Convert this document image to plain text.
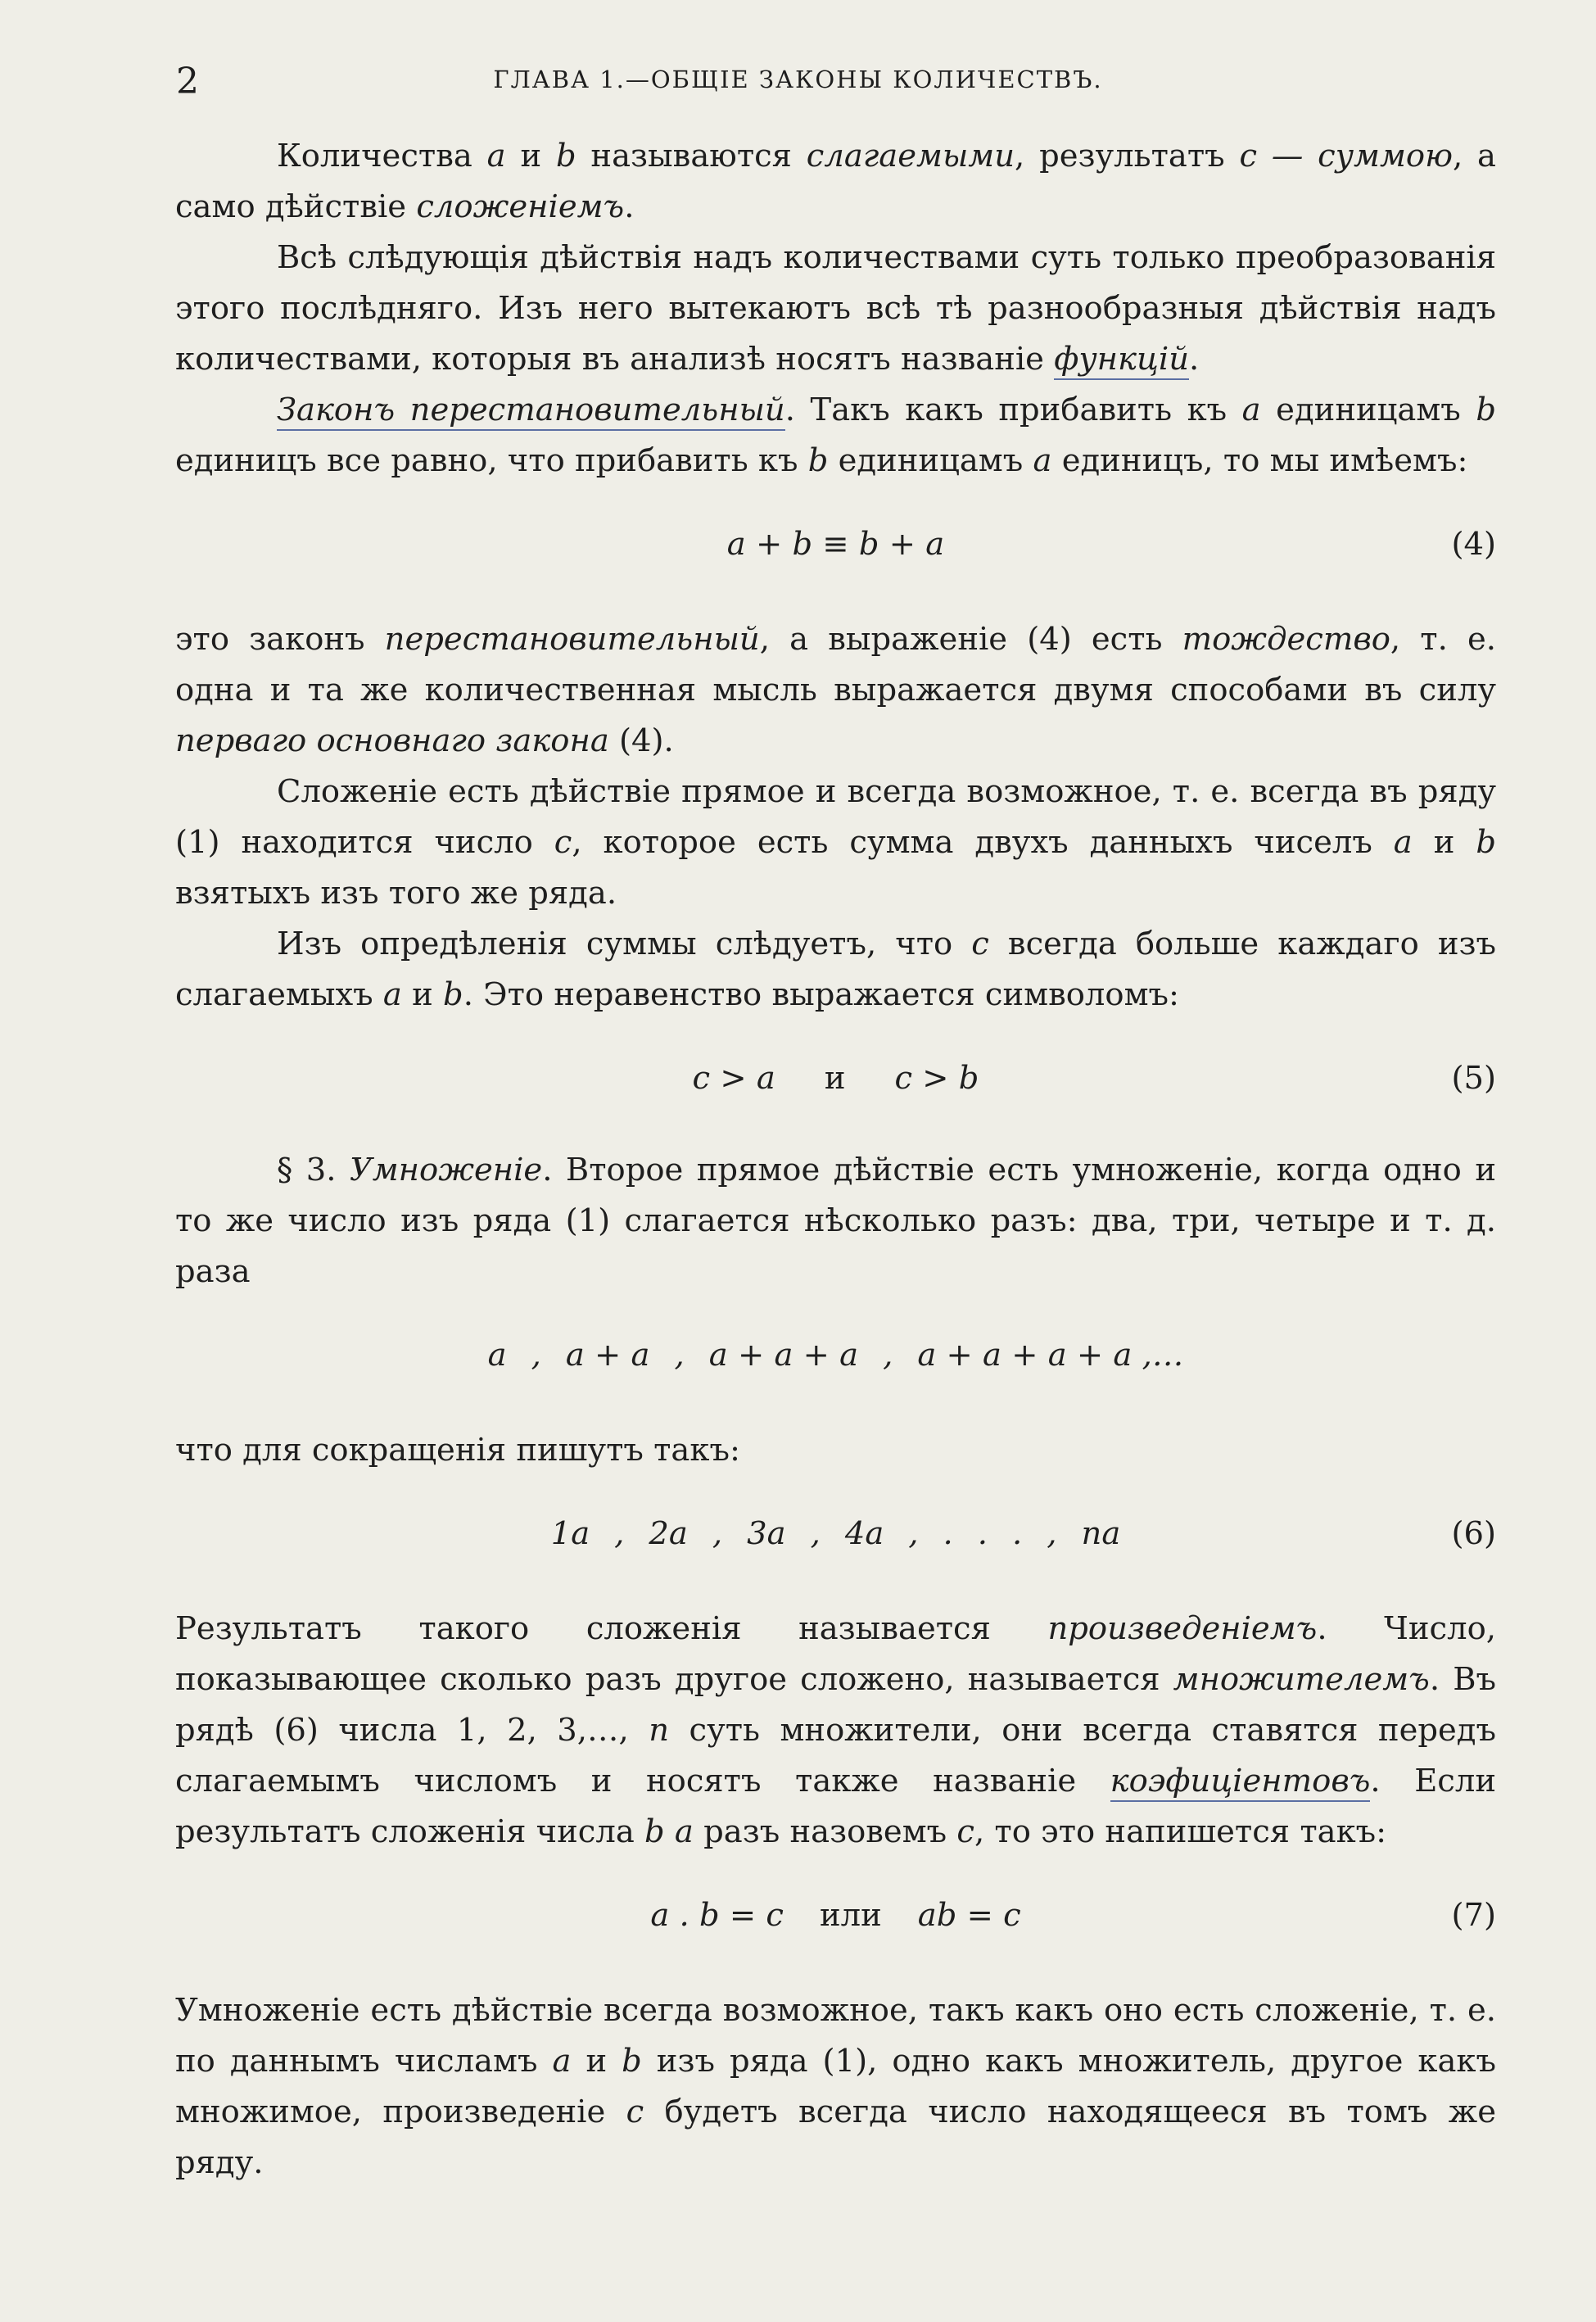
2	ГЛАВА 1.—ОБЩІЕ ЗАКОНЫ КОЛИЧЕСТВЪ.

Количества a и b называются слагаемыми, результатъ c — суммою, а само дѣйствіе сложеніемъ.

Всѣ слѣдующія дѣйствія надъ количествами суть только преобразованія этого послѣдняго. Изъ него вытекаютъ всѣ тѣ разнообразныя дѣйствія надъ количествами, которыя въ анализѣ носятъ названіе функцій.

Законъ перестановительный. Такъ какъ прибавить къ a единицамъ b единицъ все равно, что прибавить къ b единицамъ a единицъ, то мы имѣемъ:

a + b ≡ b + a	(4)

это законъ перестановительный, а выраженіе (4) есть тождество, т. е. одна и та же количественная мысль выражается двумя способами въ силу перваго основнаго закона (4).

Сложеніе есть дѣйствіе прямое и всегда возможное, т. е. всегда въ ряду (1) находится число c, которое есть сумма двухъ данныхъ чиселъ a и b взятыхъ изъ того же ряда.

Изъ опредѣленія суммы слѣдуетъ, что c всегда больше каждаго изъ слагаемыхъ a и b. Это неравенство выражается символомъ:

c > a и c > b	(5)

§ 3. Умноженіе. Второе прямое дѣйствіе есть умноженіе, когда одно и то же число изъ ряда (1) слагается нѣсколько разъ: два, три, четыре и т. д. раза

a , a + a , a + a + a , a + a + a + a ,…

что для сокращенія пишутъ такъ:

1a , 2a , 3a , 4a , . . . , na	(6)

Результатъ такого сложенія называется произведеніемъ. Число, показывающее сколько разъ другое сложено, называется множителемъ. Въ рядѣ (6) числа 1, 2, 3,…, n суть множители, они всегда ставятся передъ слагаемымъ числомъ и носятъ также названіе коэфиціентовъ. Если результатъ сложенія числа b a разъ назовемъ c, то это напишется такъ:

a . b = c или ab = c	(7)

Умноженіе есть дѣйствіе всегда возможное, такъ какъ оно есть сложеніе, т. е. по даннымъ числамъ a и b изъ ряда (1), одно какъ множитель, другое какъ множимое, произведеніе c будетъ всегда число находящееся въ томъ же ряду.
